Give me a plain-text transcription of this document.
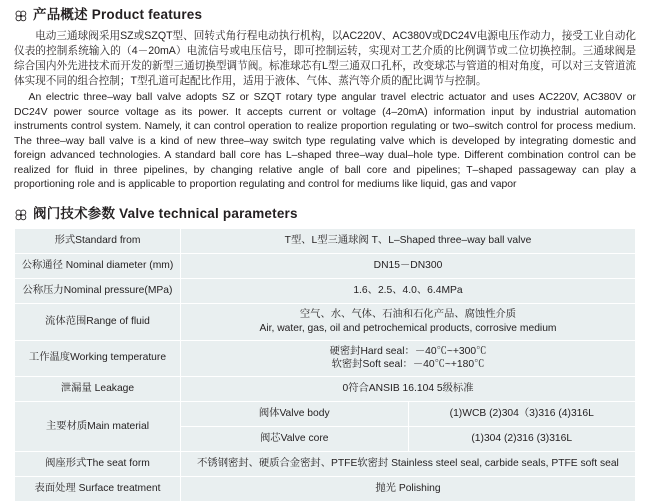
产品概述 Product features

电动三通球阀采用SZ或SZQT型、回转式角行程电动执行机构，以AC220V、AC380V或DC24V电源电压作动力，接受工业自动化仪表的控制系统输入的（4－20mA）电流信号或电压信号，即可控制运转，实现对工艺介质的比例调节或二位切换控制。三通球阀是综合国内外先进技术而开发的新型三通切换型调节阀。标准球芯有L型三通双口孔杯，改变球芯与管道的相对角度，可以对三支管道流体实现不同的组合控制；T型孔道可起配比作用，适用于液体、气体、蒸汽等介质的配比调节与控制。

An electric three–way ball valve adopts SZ or SZQT rotary type angular travel electric actuator and uses AC220V, AC380V or DC24V power source voltage as its power. It accepts current or voltage (4–20mA) information input by industrial automation instruments control system. Namely, it can control operation to realize proportion regulating or two–switch control for process medium. The three–way ball valve is a kind of new three–way switch type regulating valve which is developed by integrating domestic and foreign advanced technologies. A standard ball core has L–shaped three–way dual–hole type. Different combination control can be realized for fluid in three pipelines, by changing relative angle of ball core and pipelines; T–shaped passageway can play a proportioning role and is applicable to proportion regulating and control for mediums like liquid, gas and vapor

阀门技术参数 Valve technical parameters
形式Standard from	T型、L型三通球阀 T、L–Shaped three–way ball valve	
公称通径 Nominal diameter (mm)	DN15－DN300	
公称压力Nominal pressure(MPa)	1.6、2.5、4.0、6.4MPa	
流体范围Range of fluid	空气、水、气体、石油和石化产品、腐蚀性介质
Air, water, gas, oil and petrochemical products, corrosive medium	

工作温度Working temperature	硬密封Hard seal：－40℃~+300℃
软密封Soft seal：－40℃~+180℃	

泄漏量 Leakage	0符合ANSIB 16.104 5级标准	
主要材质Main material	阀体Valve body	(1)WCB (2)304（3)316 (4)316L
	阀芯Valve core	(1)304 (2)316 (3)316L
阀座形式The seat form	不锈钢密封、硬质合金密封、PTFE软密封 Stainless steel seal, carbide seals, PTFE soft seal	
表面处理 Surface treatment	抛光 Polishing	
